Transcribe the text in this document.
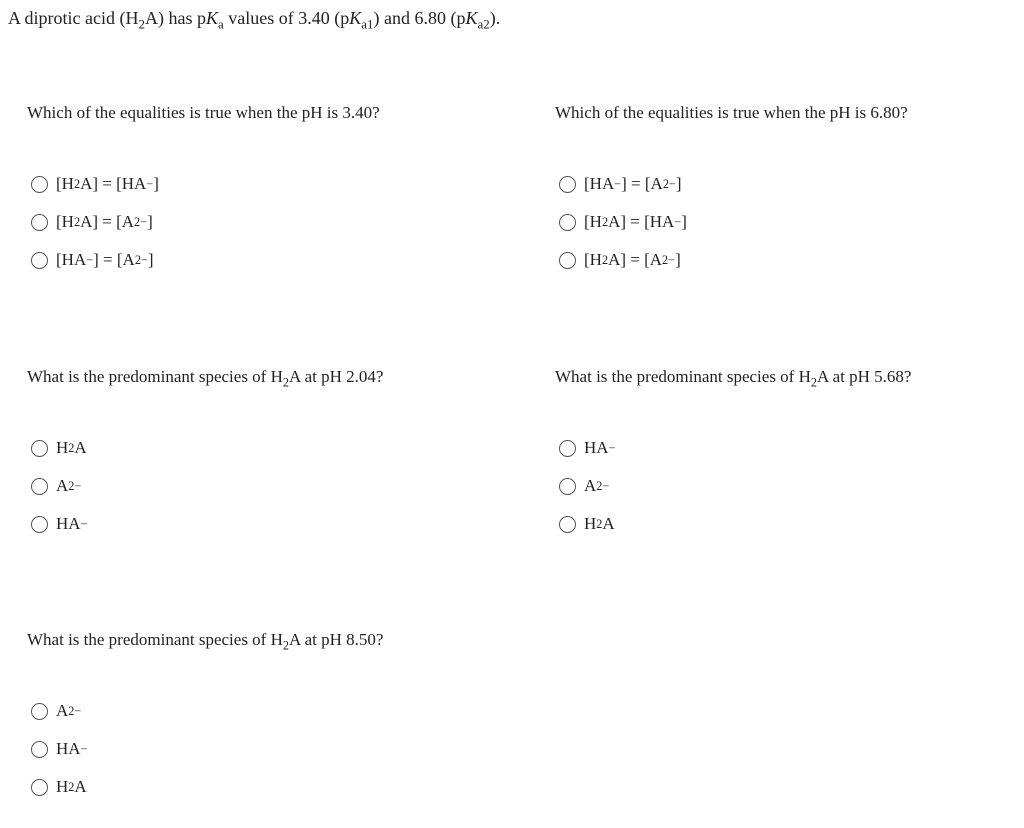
A diprotic acid $(H_2A)$ has $pK_a$ values of 3.40 $(pK_{a1})$ and 6.80 $(pK_{a2})$.
Which of the equalities is true when the pH is 3.40?
[H 2 A] = [HA − ]
[H 2 A] = [A 2− ]
[HA − ] = [A 2− ]
Which of the equalities is true when the pH is 6.80?
[HA − ] = [A 2− ]
[H 2 A] = [HA − ]
[H 2 A] = [A 2− ]
What is the predominant species of $H_2A$ at pH 2.04?
H 2 A
A 2−
HA −
What is the predominant species of $H_2A$ at pH 5.68?
HA −
A 2−
H 2 A
What is the predominant species of $H_2A$ at pH 8.50?
A 2−
HA −
H 2 A
